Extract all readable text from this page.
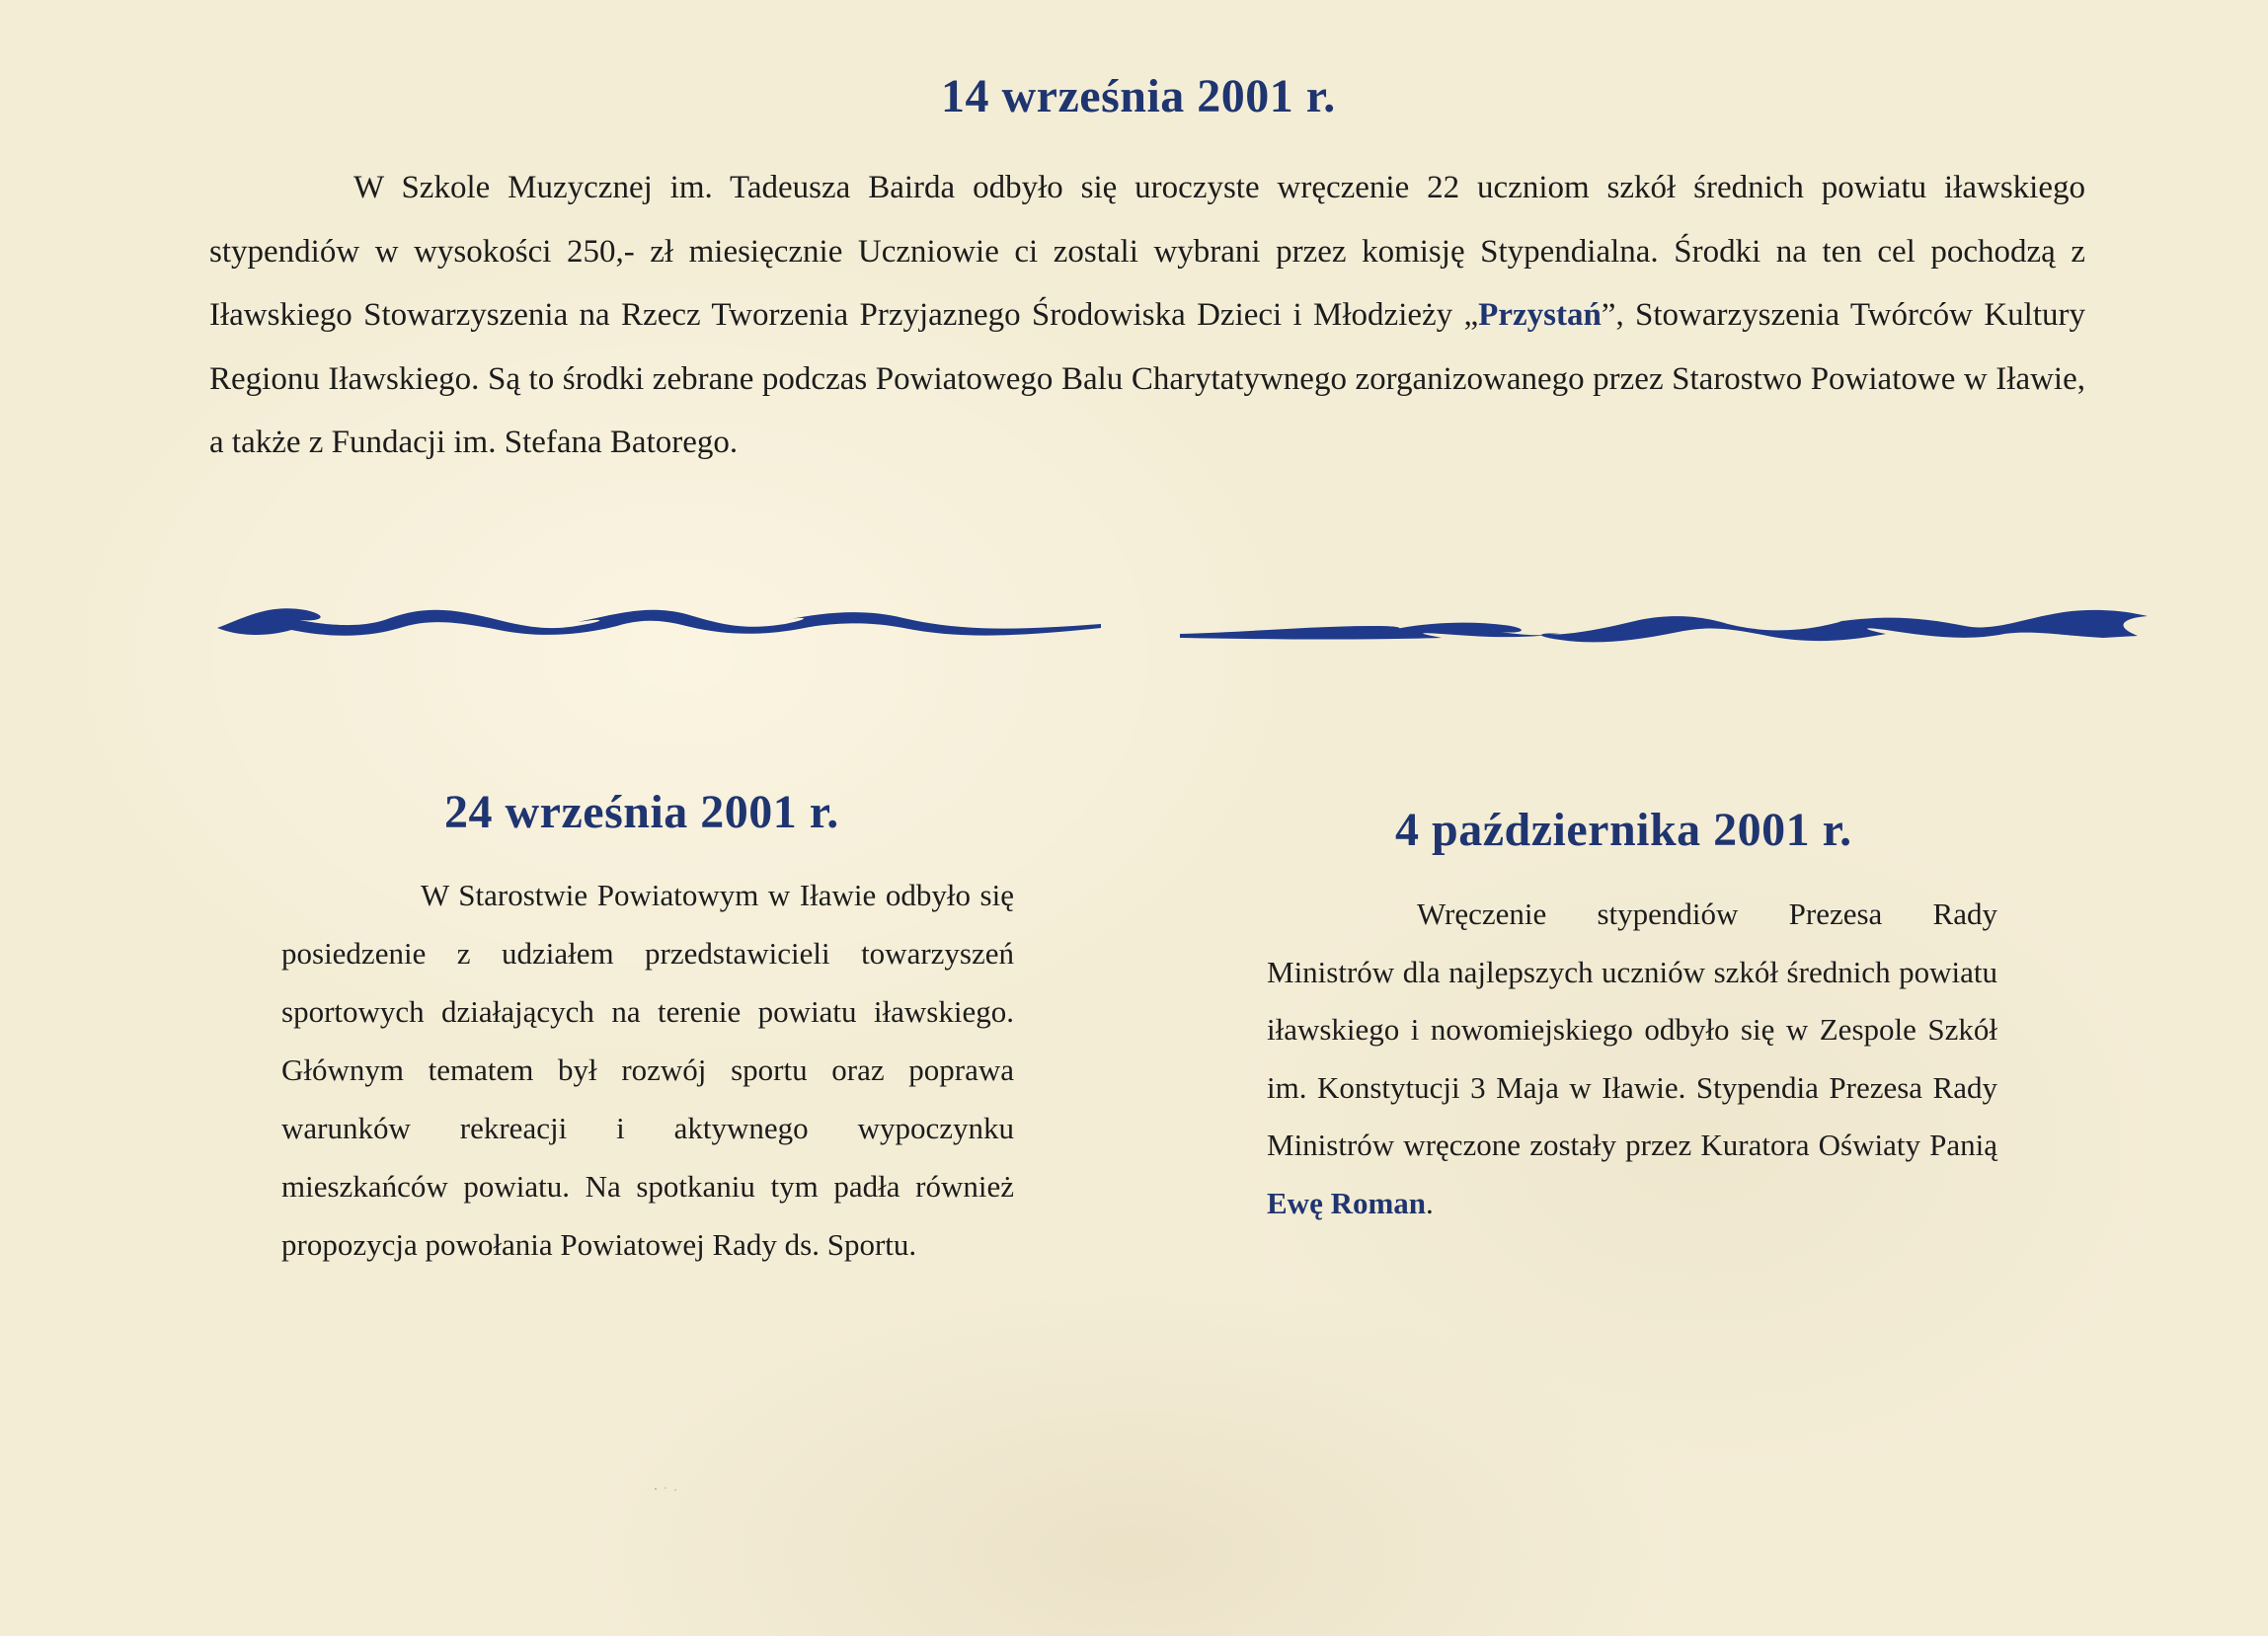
14 września 2001 r.

W Szkole Muzycznej im. Tadeusza Bairda odbyło się uroczyste wręczenie 22 uczniom szkół średnich powiatu iławskiego stypendiów w wysokości 250,- zł miesięcznie Uczniowie ci zostali wybrani przez komisję Stypendialna. Środki na ten cel pochodzą z Iławskiego Stowarzyszenia na Rzecz Tworzenia Przyjaznego Środowiska Dzieci i Młodzieży „Przystań”, Stowarzyszenia Twórców Kultury Regionu Iławskiego. Są to środki zebrane podczas Powiatowego Balu Charytatywnego zorganizowanego przez Starostwo Powiatowe w Iławie, a także z Fundacji im. Stefana Batorego.

24 września 2001 r.

W Starostwie Powiatowym w Iławie odbyło się posiedzenie z udziałem przedstawicieli towarzyszeń sportowych działających na terenie powiatu iławskiego. Głównym tematem był rozwój sportu oraz poprawa warunków rekreacji i aktywnego wypoczynku mieszkańców powiatu. Na spotkaniu tym padła również propozycja powołania Powiatowej Rady ds. Sportu.

4 października 2001 r.

Wręczenie stypendiów Prezesa Rady Ministrów dla najlepszych uczniów szkół średnich powiatu iławskiego i nowomiejskiego odbyło się w Zespole Szkół im. Konstytucji 3 Maja w Iławie. Stypendia Prezesa Rady Ministrów wręczone zostały przez Kuratora Oświaty Panią Ewę Roman.
